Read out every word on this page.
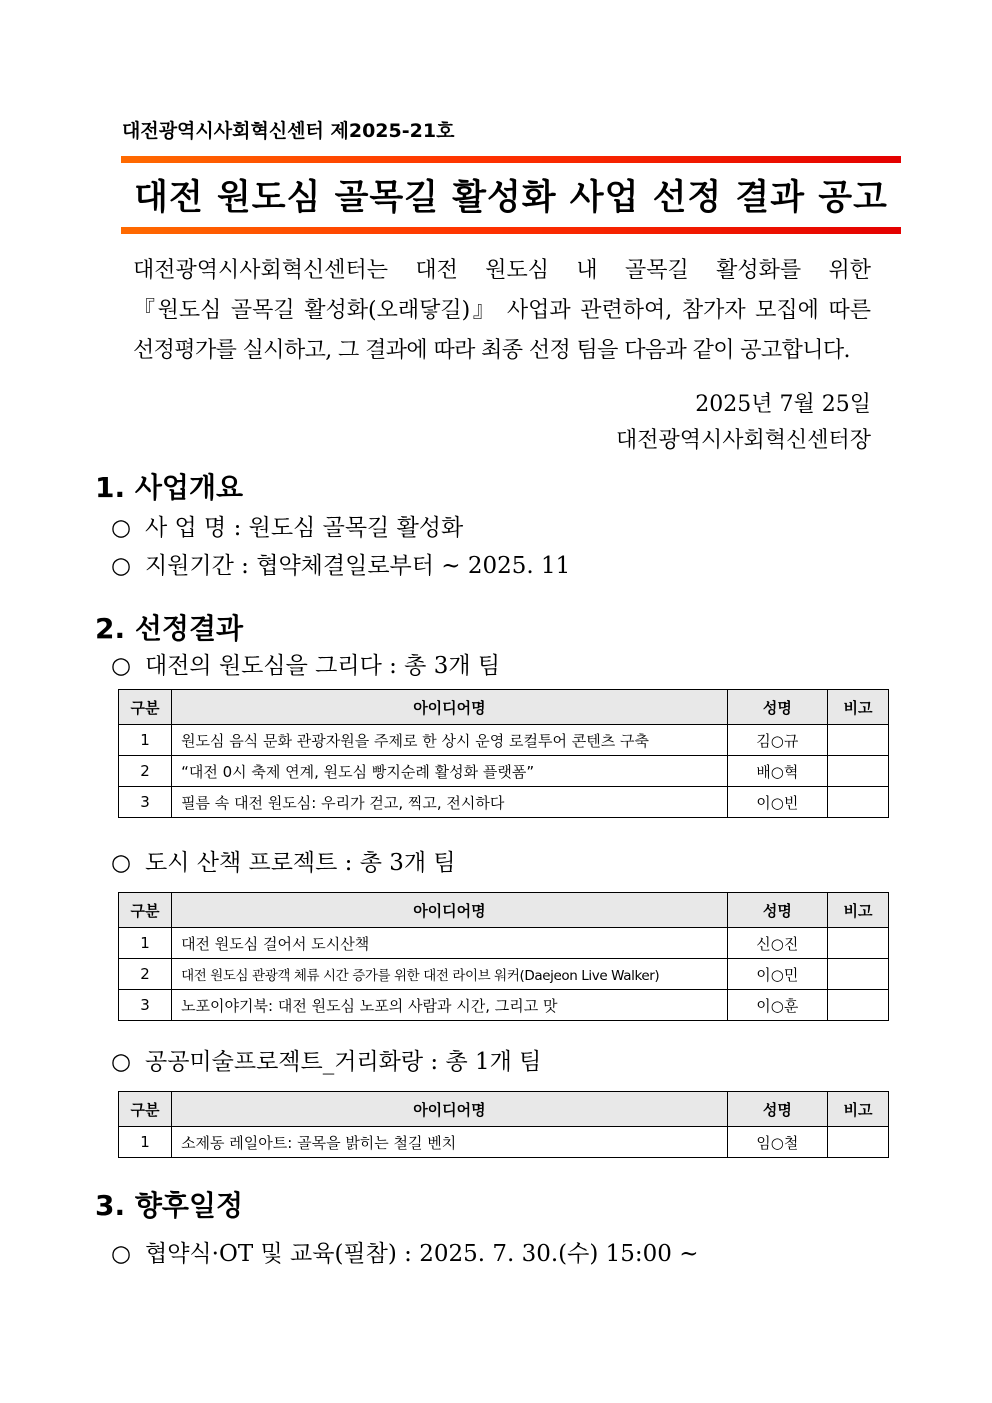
대전광역시사회혁신센터 제2025-21호
대전 원도심 골목길 활성화 사업 선정 결과 공고
대전광역시사회혁신센터는 대전 원도심 내 골목길 활성화를 위한
『원도심 골목길 활성화(오래닿길)』 사업과 관련하여, 참가자 모집에 따른
선정평가를 실시하고, 그 결과에 따라 최종 선정 팀을 다음과 같이 공고합니다.
2025년 7월 25일
대전광역시사회혁신센터장
1. 사업개요
○ 사 업 명 : 원도심 골목길 활성화
○ 지원기간 : 협약체결일로부터 ~ 2025. 11
2. 선정결과
○ 대전의 원도심을 그리다 : 총 3개 팀
구분	아이디어명	성명	비고
1	원도심 음식 문화 관광자원을 주제로 한 상시 운영 로컬투어 콘텐츠 구축	김○규	
2	“대전 0시 축제 연계, 원도심 빵지순례 활성화 플랫폼”	배○혁	
3	필름 속 대전 원도심: 우리가 걷고, 찍고, 전시하다	이○빈	
○ 도시 산책 프로젝트 : 총 3개 팀
구분	아이디어명	성명	비고
1	대전 원도심 걸어서 도시산책	신○진	
2	대전 원도심 관광객 체류 시간 증가를 위한 대전 라이브 워커(Daejeon Live Walker)	이○민	
3	노포이야기북: 대전 원도심 노포의 사람과 시간, 그리고 맛	이○훈	
○ 공공미술프로젝트_거리화랑 : 총 1개 팀
구분	아이디어명	성명	비고
1	소제동 레일아트: 골목을 밝히는 철길 벤치	임○철	
3. 향후일정
○ 협약식·OT 및 교육(필참) : 2025. 7. 30.(수) 15:00 ~
